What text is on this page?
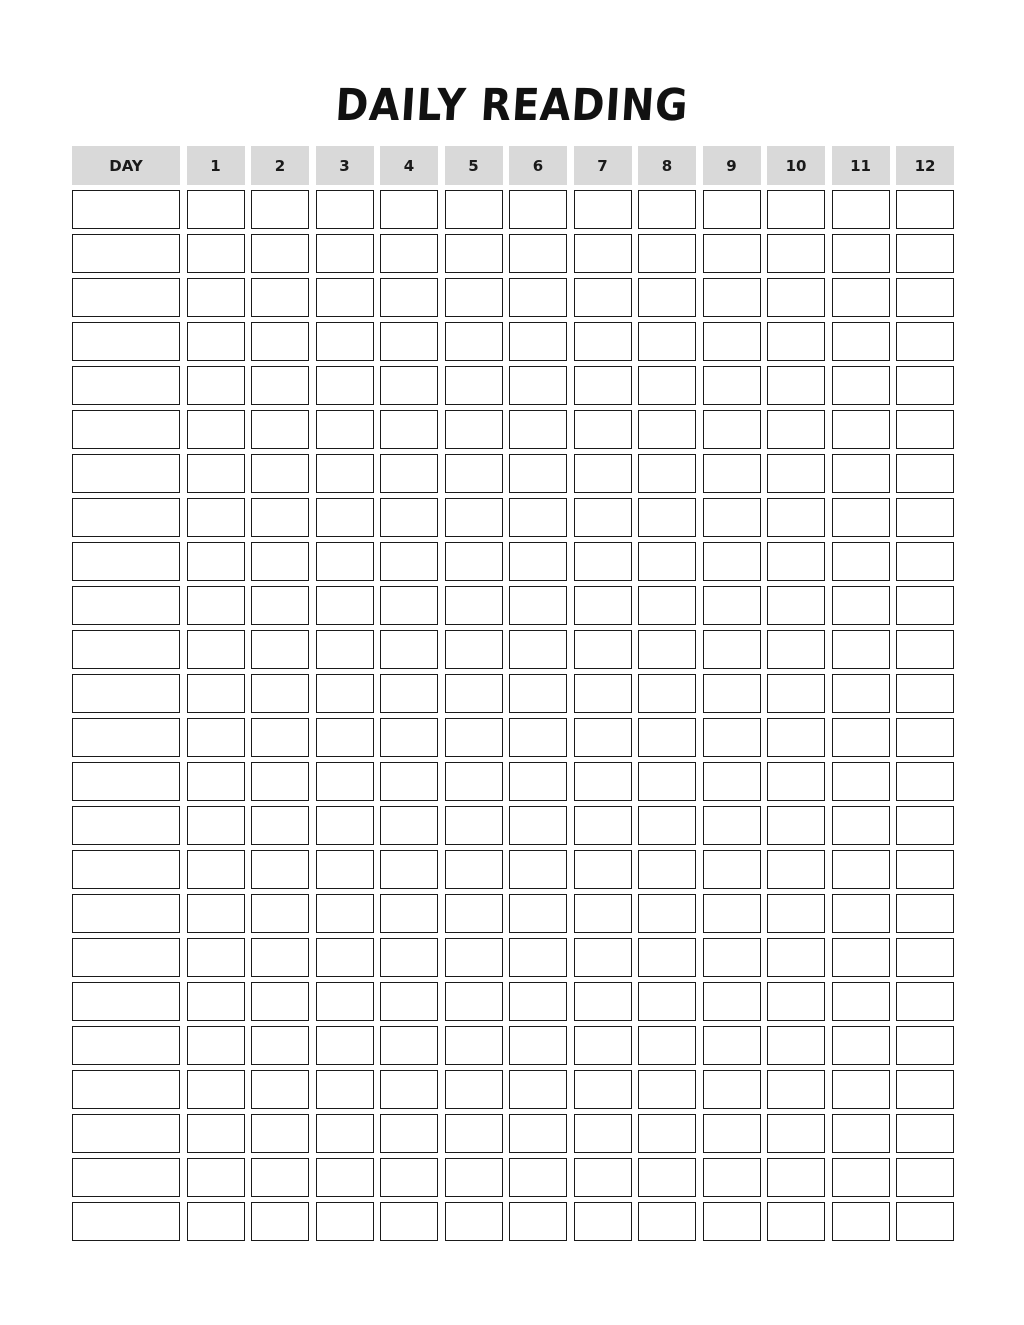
DAILY READING
DAY	1	2	3	4	5	6	7	8	9	10	11	12
